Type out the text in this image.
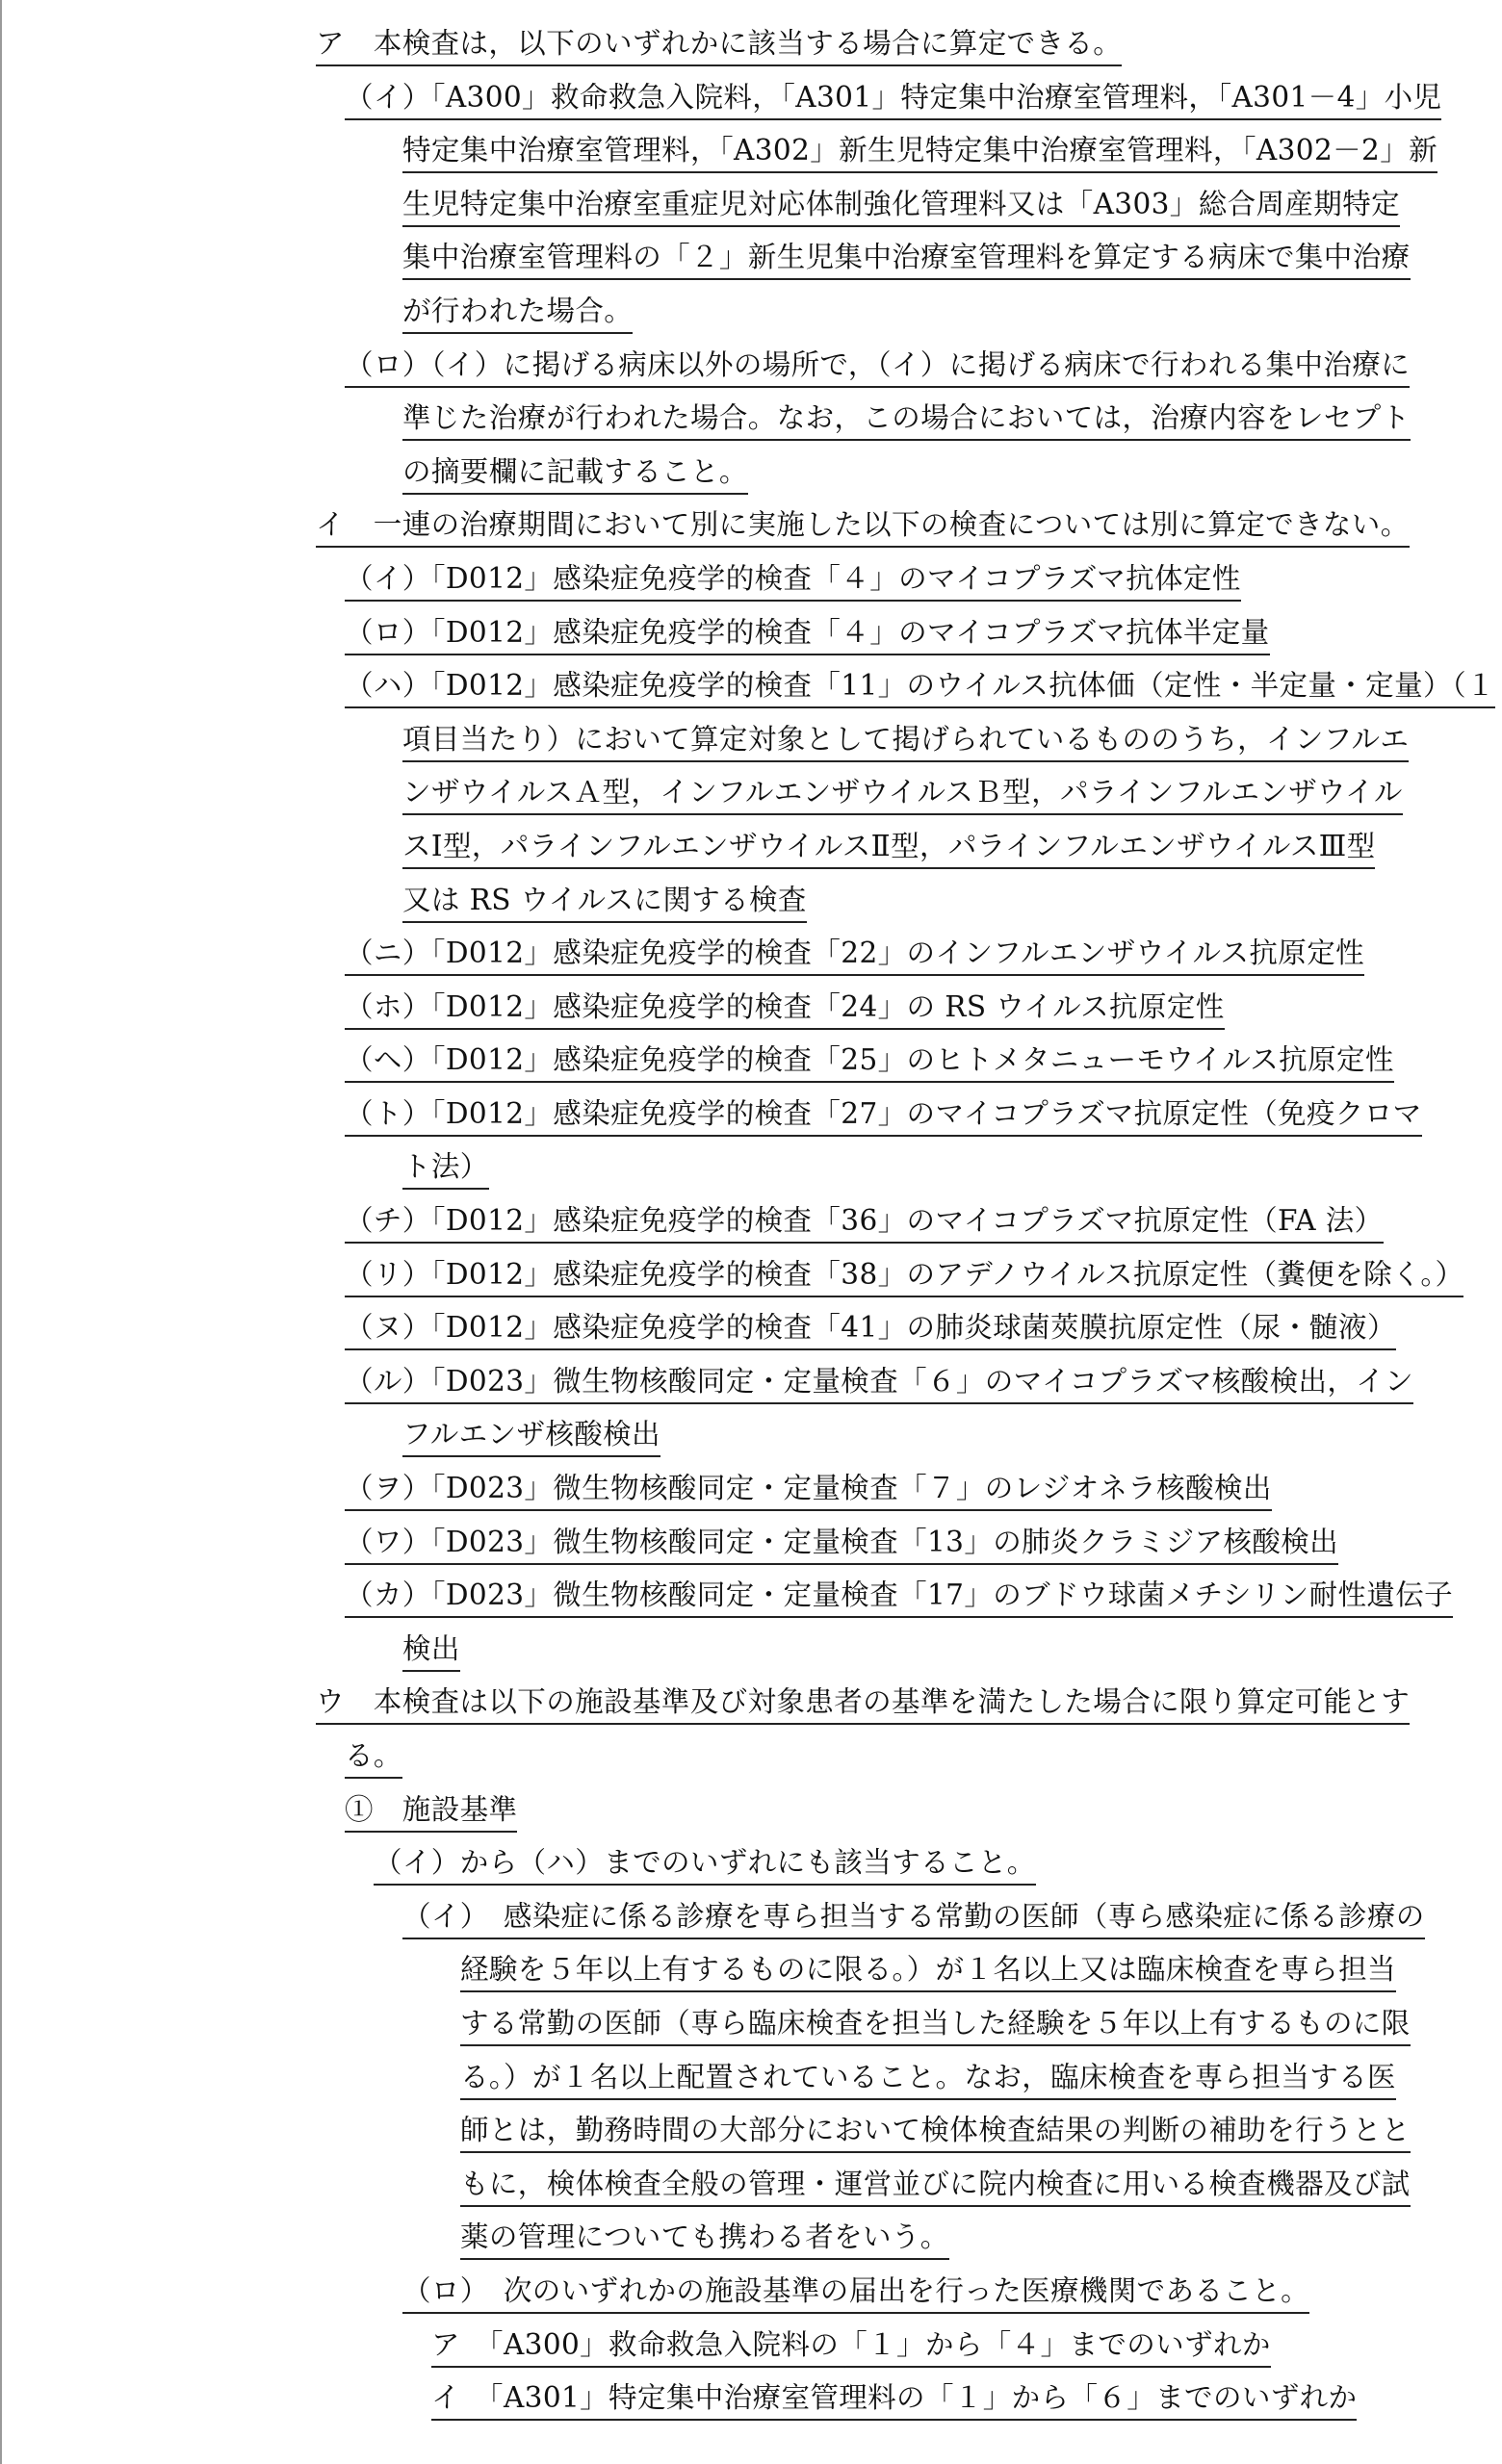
ア　本検査は，以下のいずれかに該当する場合に算定できる。
（イ）「A300」救命救急入院料，「A301」特定集中治療室管理料，「A301－4」小児
特定集中治療室管理料，「A302」新生児特定集中治療室管理料，「A302－2」新
生児特定集中治療室重症児対応体制強化管理料又は「A303」総合周産期特定
集中治療室管理料の「２」新生児集中治療室管理料を算定する病床で集中治療
が行われた場合。
（ロ）（イ）に掲げる病床以外の場所で，（イ）に掲げる病床で行われる集中治療に
準じた治療が行われた場合。なお，この場合においては，治療内容をレセプト
の摘要欄に記載すること。
イ　一連の治療期間において別に実施した以下の検査については別に算定できない。
（イ）「D012」感染症免疫学的検査「４」のマイコプラズマ抗体定性
（ロ）「D012」感染症免疫学的検査「４」のマイコプラズマ抗体半定量
（ハ）「D012」感染症免疫学的検査「11」のウイルス抗体価（定性・半定量・定量）（１
項目当たり）において算定対象として掲げられているもののうち，インフルエ
ンザウイルスＡ型，インフルエンザウイルスＢ型，パラインフルエンザウイル
スⅠ型，パラインフルエンザウイルスⅡ型，パラインフルエンザウイルスⅢ型
又は RS ウイルスに関する検査
（ニ）「D012」感染症免疫学的検査「22」のインフルエンザウイルス抗原定性
（ホ）「D012」感染症免疫学的検査「24」の RS ウイルス抗原定性
（ヘ）「D012」感染症免疫学的検査「25」のヒトメタニューモウイルス抗原定性
（ト）「D012」感染症免疫学的検査「27」のマイコプラズマ抗原定性（免疫クロマ
ト法）
（チ）「D012」感染症免疫学的検査「36」のマイコプラズマ抗原定性（FA 法）
（リ）「D012」感染症免疫学的検査「38」のアデノウイルス抗原定性（糞便を除く。）
（ヌ）「D012」感染症免疫学的検査「41」の肺炎球菌莢膜抗原定性（尿・髄液）
（ル）「D023」微生物核酸同定・定量検査「６」のマイコプラズマ核酸検出，イン
フルエンザ核酸検出
（ヲ）「D023」微生物核酸同定・定量検査「７」のレジオネラ核酸検出
（ワ）「D023」微生物核酸同定・定量検査「13」の肺炎クラミジア核酸検出
（カ）「D023」微生物核酸同定・定量検査「17」のブドウ球菌メチシリン耐性遺伝子
検出
ウ　本検査は以下の施設基準及び対象患者の基準を満たした場合に限り算定可能とす
る。
①　施設基準
（イ）から（ハ）までのいずれにも該当すること。
（イ）　感染症に係る診療を専ら担当する常勤の医師（専ら感染症に係る診療の
経験を５年以上有するものに限る。）が１名以上又は臨床検査を専ら担当
する常勤の医師（専ら臨床検査を担当した経験を５年以上有するものに限
る。）が１名以上配置されていること。なお，臨床検査を専ら担当する医
師とは，勤務時間の大部分において検体検査結果の判断の補助を行うとと
もに，検体検査全般の管理・運営並びに院内検査に用いる検査機器及び試
薬の管理についても携わる者をいう。
（ロ）　次のいずれかの施設基準の届出を行った医療機関であること。
ア　「A300」救命救急入院料の「１」から「４」までのいずれか
イ　「A301」特定集中治療室管理料の「１」から「６」までのいずれか
